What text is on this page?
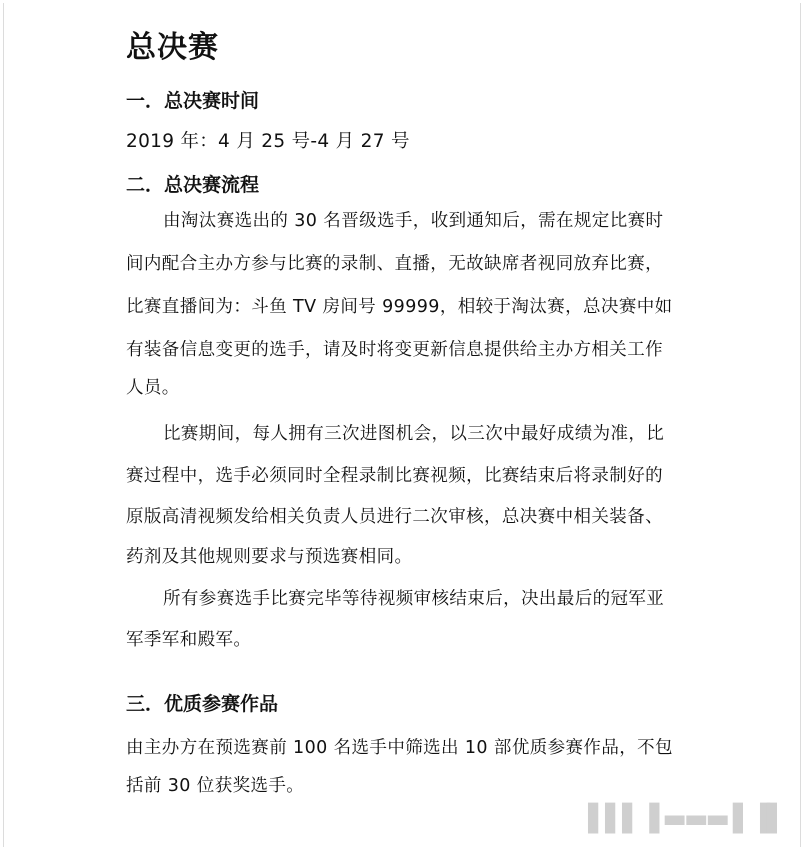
总决赛
一．总决赛时间
2019 年：4 月 25 号-4 月 27 号
二．总决赛流程
由淘汰赛选出的 30 名晋级选手，收到通知后，需在规定比赛时
间内配合主办方参与比赛的录制、直播，无故缺席者视同放弃比赛，
比赛直播间为：斗鱼 TV 房间号 99999，相较于淘汰赛，总决赛中如
有装备信息变更的选手，请及时将变更新信息提供给主办方相关工作
人员。
比赛期间，每人拥有三次进图机会，以三次中最好成绩为准，比
赛过程中，选手必须同时全程录制比赛视频，比赛结束后将录制好的
原版高清视频发给相关负责人员进行二次审核，总决赛中相关装备、
药剂及其他规则要求与预选赛相同。
所有参赛选手比赛完毕等待视频审核结束后，决出最后的冠军亚
军季军和殿军。
三．优质参赛作品
由主办方在预选赛前 100 名选手中筛选出 10 部优质参赛作品，不包
括前 30 位获奖选手。
▌▌▌▐ ▬▬▬ ▌▐▌
